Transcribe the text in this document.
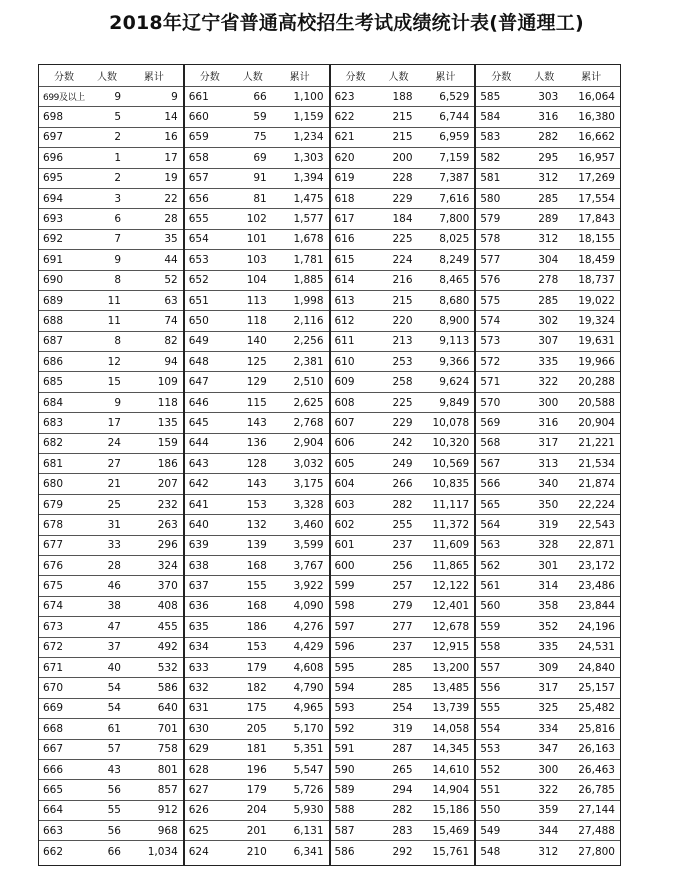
2018年辽宁省普通高校招生考试成绩统计表(普通理工)
分数	人数	累计
699及以上	9	9
698	5	14
697	2	16
696	1	17
695	2	19
694	3	22
693	6	28
692	7	35
691	9	44
690	8	52
689	11	63
688	11	74
687	8	82
686	12	94
685	15	109
684	9	118
683	17	135
682	24	159
681	27	186
680	21	207
679	25	232
678	31	263
677	33	296
676	28	324
675	46	370
674	38	408
673	47	455
672	37	492
671	40	532
670	54	586
669	54	640
668	61	701
667	57	758
666	43	801
665	56	857
664	55	912
663	56	968
662	66	1,034
分数	人数	累计
661	66	1,100
660	59	1,159
659	75	1,234
658	69	1,303
657	91	1,394
656	81	1,475
655	102	1,577
654	101	1,678
653	103	1,781
652	104	1,885
651	113	1,998
650	118	2,116
649	140	2,256
648	125	2,381
647	129	2,510
646	115	2,625
645	143	2,768
644	136	2,904
643	128	3,032
642	143	3,175
641	153	3,328
640	132	3,460
639	139	3,599
638	168	3,767
637	155	3,922
636	168	4,090
635	186	4,276
634	153	4,429
633	179	4,608
632	182	4,790
631	175	4,965
630	205	5,170
629	181	5,351
628	196	5,547
627	179	5,726
626	204	5,930
625	201	6,131
624	210	6,341
分数	人数	累计
623	188	6,529
622	215	6,744
621	215	6,959
620	200	7,159
619	228	7,387
618	229	7,616
617	184	7,800
616	225	8,025
615	224	8,249
614	216	8,465
613	215	8,680
612	220	8,900
611	213	9,113
610	253	9,366
609	258	9,624
608	225	9,849
607	229	10,078
606	242	10,320
605	249	10,569
604	266	10,835
603	282	11,117
602	255	11,372
601	237	11,609
600	256	11,865
599	257	12,122
598	279	12,401
597	277	12,678
596	237	12,915
595	285	13,200
594	285	13,485
593	254	13,739
592	319	14,058
591	287	14,345
590	265	14,610
589	294	14,904
588	282	15,186
587	283	15,469
586	292	15,761
分数	人数	累计
585	303	16,064
584	316	16,380
583	282	16,662
582	295	16,957
581	312	17,269
580	285	17,554
579	289	17,843
578	312	18,155
577	304	18,459
576	278	18,737
575	285	19,022
574	302	19,324
573	307	19,631
572	335	19,966
571	322	20,288
570	300	20,588
569	316	20,904
568	317	21,221
567	313	21,534
566	340	21,874
565	350	22,224
564	319	22,543
563	328	22,871
562	301	23,172
561	314	23,486
560	358	23,844
559	352	24,196
558	335	24,531
557	309	24,840
556	317	25,157
555	325	25,482
554	334	25,816
553	347	26,163
552	300	26,463
551	322	26,785
550	359	27,144
549	344	27,488
548	312	27,800
